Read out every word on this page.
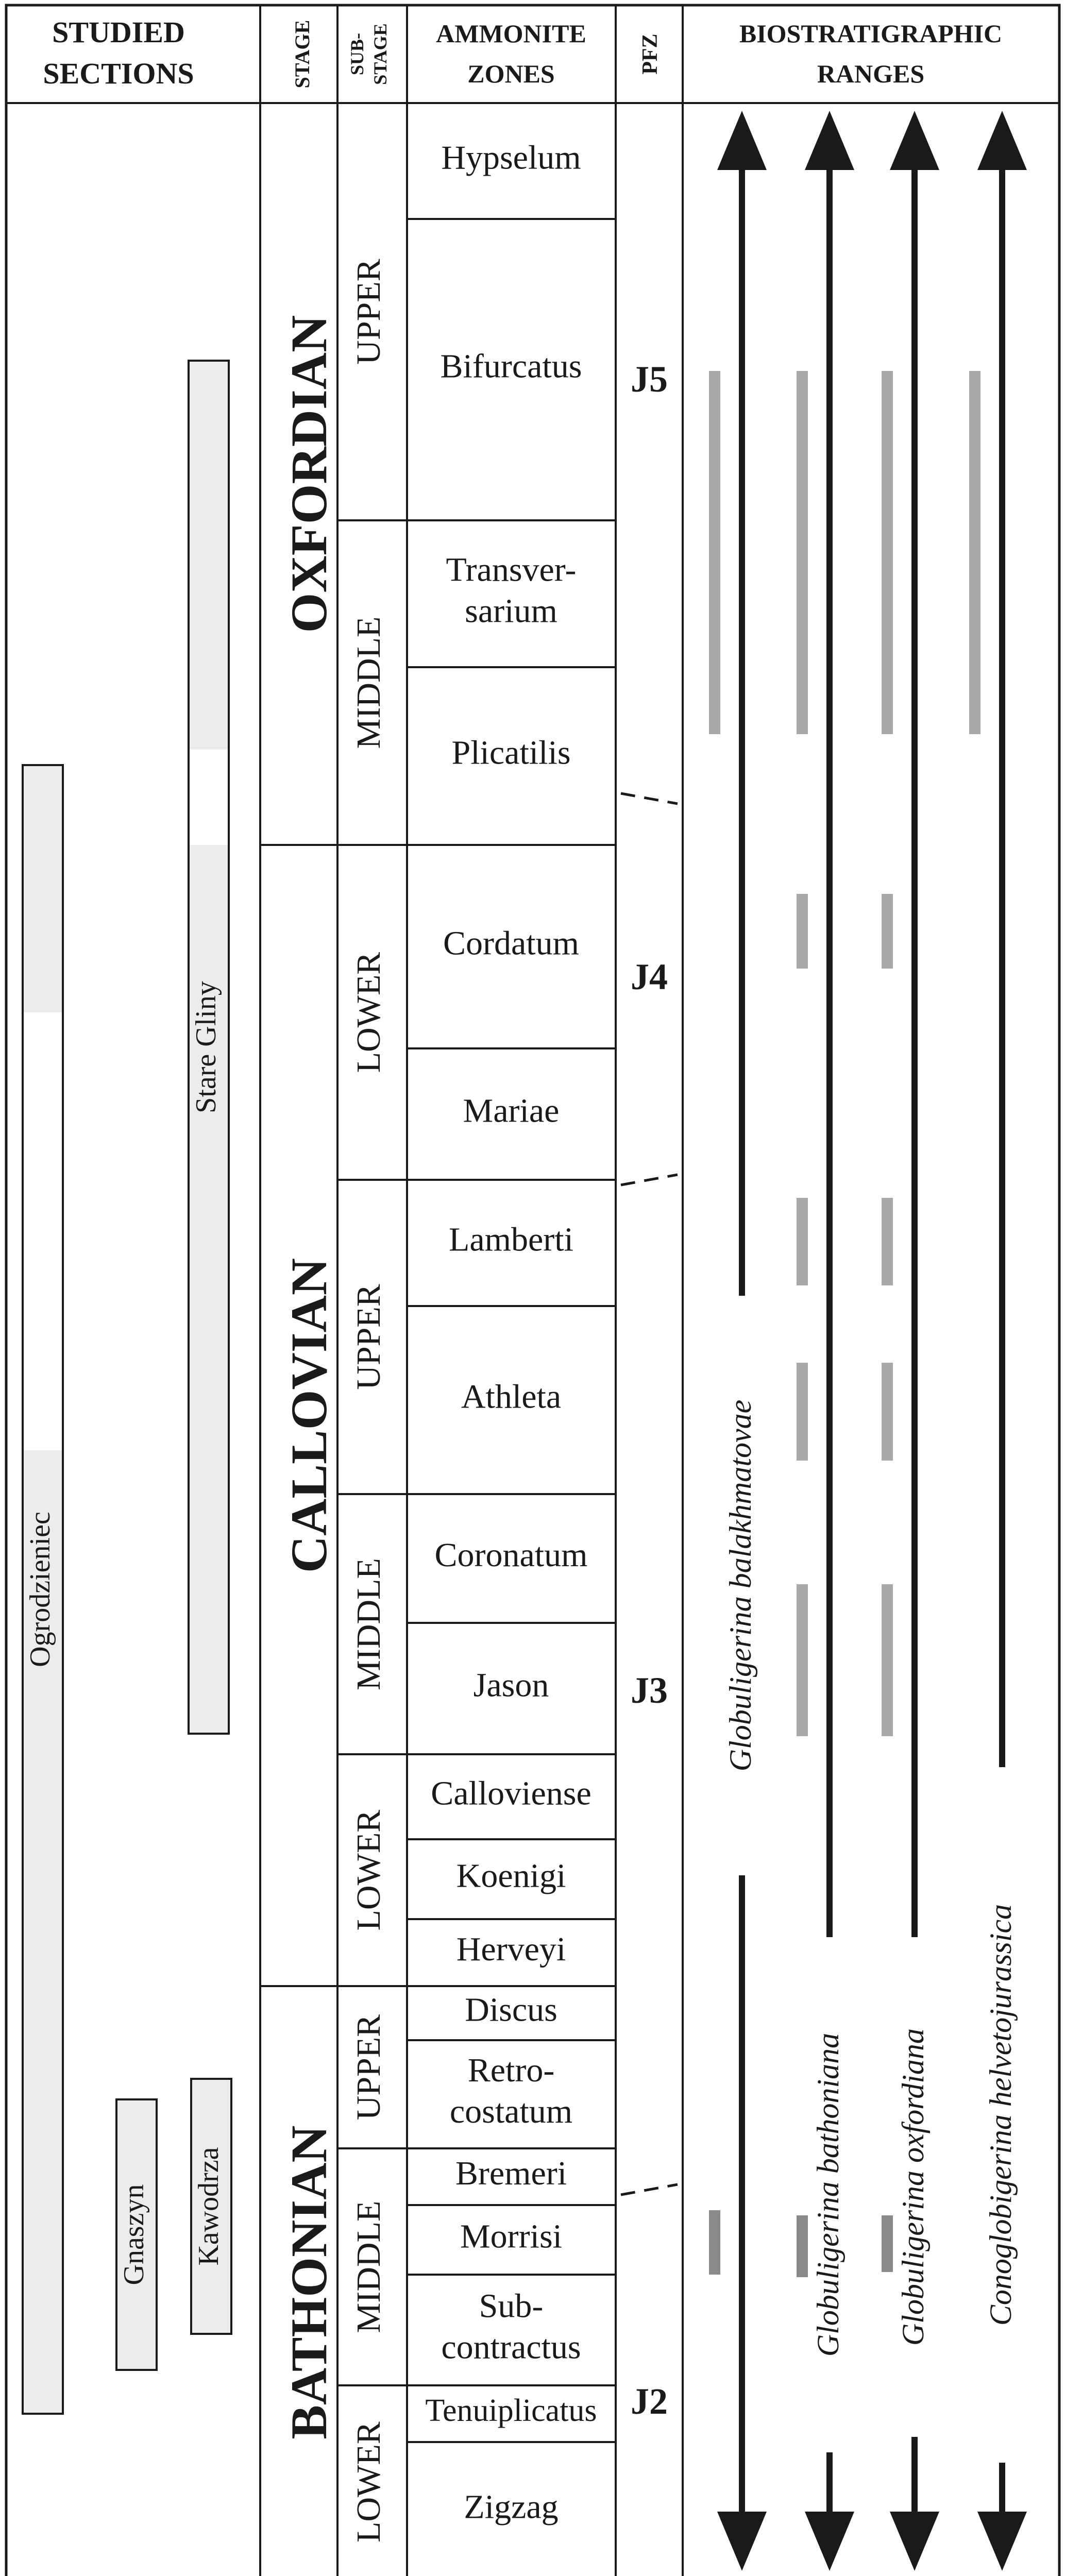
STUDIED
SECTIONS	STAGE SUB- STAGE AMMONITE
ZONES	PFZ
BIOSTRATIGRAPHIC
RANGES
Ogrodzieniec
Stare Gliny
Gnaszyn Kawodrza
OXFORDIAN
CALLOVIAN
BATHONIAN
UPPER
MIDDLE
LOWER
UPPER
MIDDLE
LOWER
UPPER
MIDDLE
LOWER
Hypselum
Bifurcatus
Transver-
sarium
Plicatilis
Cordatum
Mariae
Lamberti
Athleta
Coronatum
Jason
Calloviense
Koenigi
Herveyi
Discus
Retro-
costatum
Bremeri
Morrisi
Sub-
contractus
Tenuiplicatus
Zigzag
J5
J4
J3
J2
Globuligerina balakhmatovae
Globuligerina bathoniana Globuligerina oxfordiana Conoglobigerina helvetojurassica
